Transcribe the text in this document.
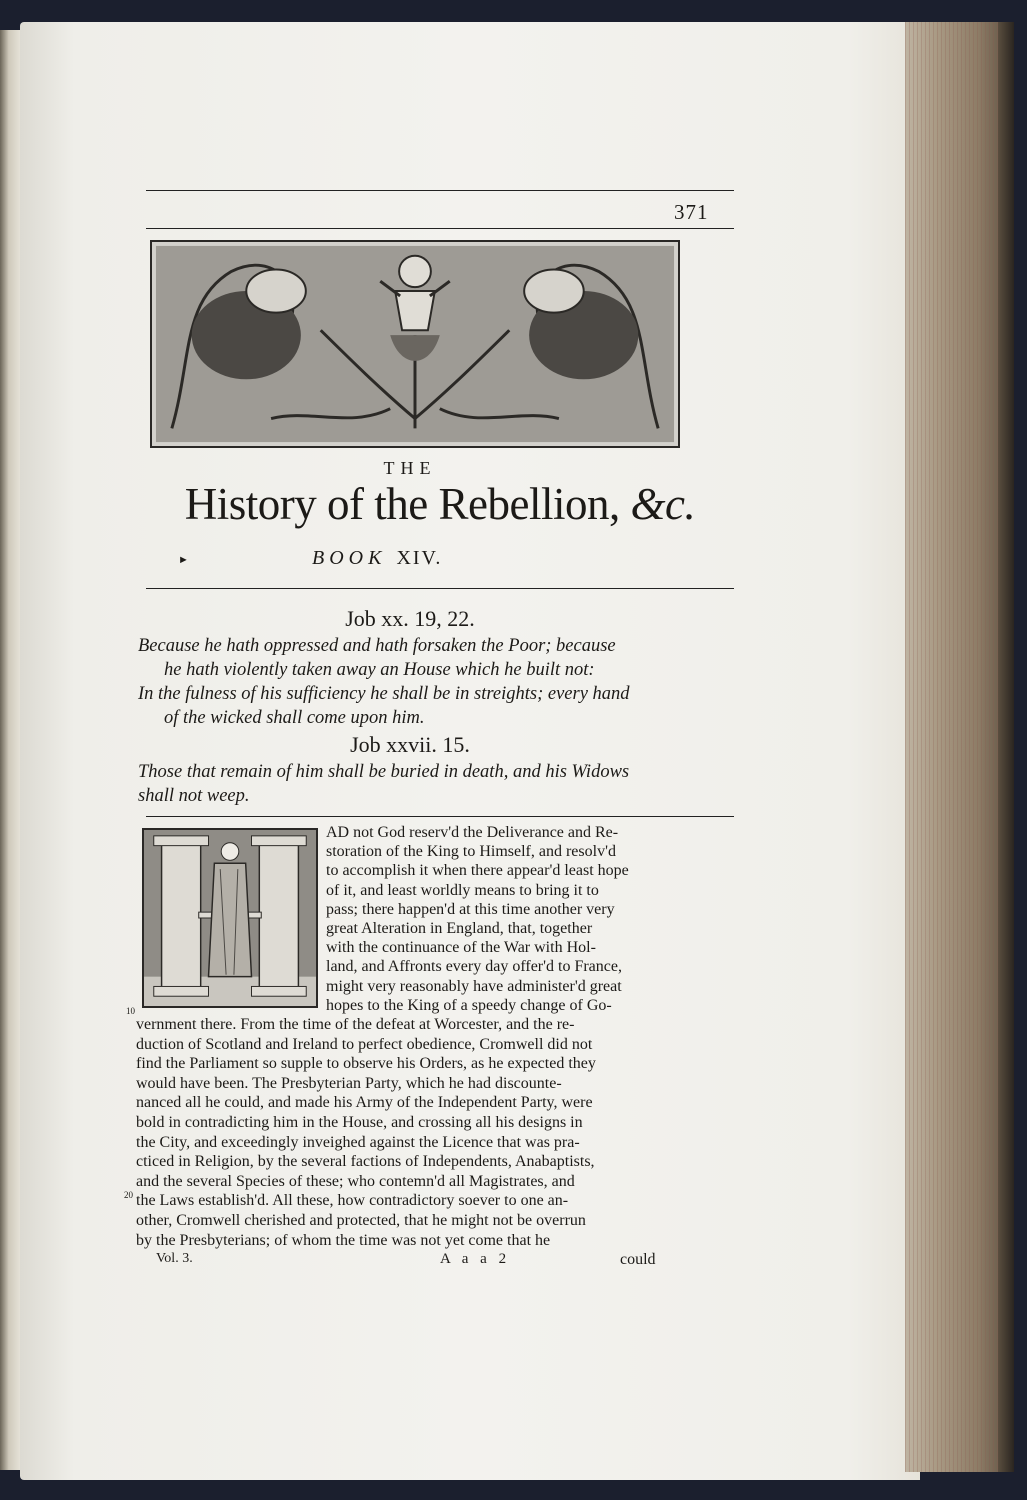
371
THE
History of the Rebellion, &c.
►	BOOK XIV.
Job xx. 19, 22.

Because he hath oppressed and hath forsaken the Poor; because
he hath violently taken away an House which he built not:
In the fulness of his sufficiency he shall be in streights; every hand
of the wicked shall come upon him.

Job xxvii. 15.

Those that remain of him shall be buried in death, and his Widows
shall not weep.

AD not God reserv'd the Deliverance and Re-
storation of the King to Himself, and resolv'd
to accomplish it when there appear'd least hope
of it, and least worldly means to bring it to
pass; there happen'd at this time another very
great Alteration in England, that, together
with the continuance of the War with Hol-
land, and Affronts every day offer'd to France,
might very reasonably have administer'd great
hopes to the King of a speedy change of Go-

10

vernment there. From the time of the defeat at Worcester, and the re-
duction of Scotland and Ireland to perfect obedience, Cromwell did not
find the Parliament so supple to observe his Orders, as he expected they
would have been. The Presbyterian Party, which he had discounte-
nanced all he could, and made his Army of the Independent Party, were
bold in contradicting him in the House, and crossing all his designs in
the City, and exceedingly inveighed against the Licence that was pra-
cticed in Religion, by the several factions of Independents, Anabaptists,
and the several Species of these; who contemn'd all Magistrates, and
the Laws establish'd. All these, how contradictory soever to one an-
other, Cromwell cherished and protected, that he might not be overrun
by the Presbyterians; of whom the time was not yet come that he

20
Vol. 3.	A a a 2	could
